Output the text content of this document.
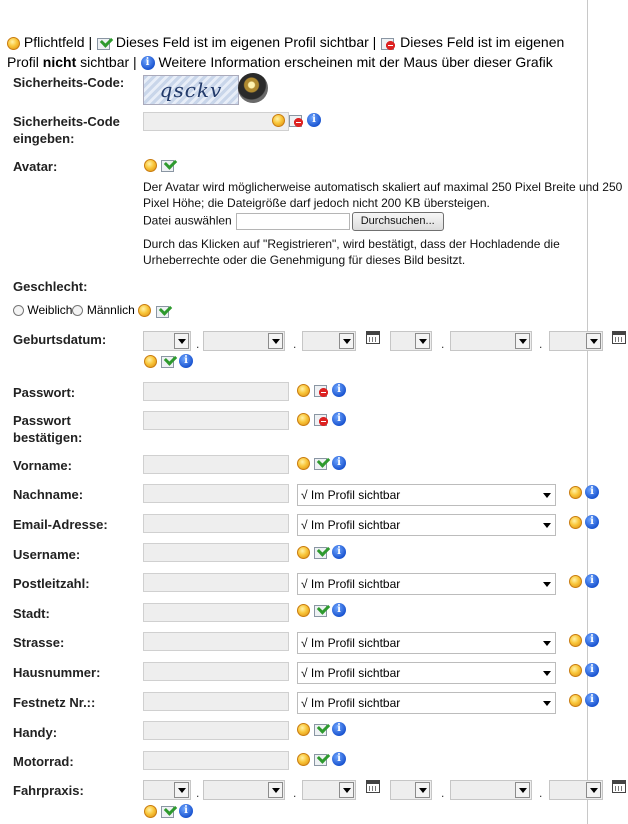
Pflichtfeld | Dieses Feld ist im eigenen Profil sichtbar | Dieses Feld ist im eigenen Profil nicht sichtbar | i Weitere Information erscheinen mit der Maus über dieser Grafik
Sicherheits-Code:	qsckv
Sicherheits-Code eingeben:
i
Avatar:
Der Avatar wird möglicherweise automatisch skaliert auf maximal 250 Pixel Breite und 250 Pixel Höhe; die Dateigröße darf jedoch nicht 200 KB übersteigen.
Datei auswählen	Durchsuchen...
Durch das Klicken auf "Registrieren", wird bestätigt, dass der Hochladende die Urheberrechte oder die Genehmigung für dieses Bild besitzt.
Geschlecht:
Weiblich Männlich
Geburtsdatum:	.	.	.	.
i
Passwort:	i
Passwort bestätigen:
i
Vorname:	i
Nachname:	√ Im Profil sichtbar	i
Email-Adresse:	√ Im Profil sichtbar	i
Username:	i
Postleitzahl:	√ Im Profil sichtbar	i
Stadt:	i
Strasse:	√ Im Profil sichtbar	i
Hausnummer:	√ Im Profil sichtbar	i
Festnetz Nr.::	√ Im Profil sichtbar	i
Handy:	i
Motorrad:	i
Fahrpraxis:	.	.	.	.
i
